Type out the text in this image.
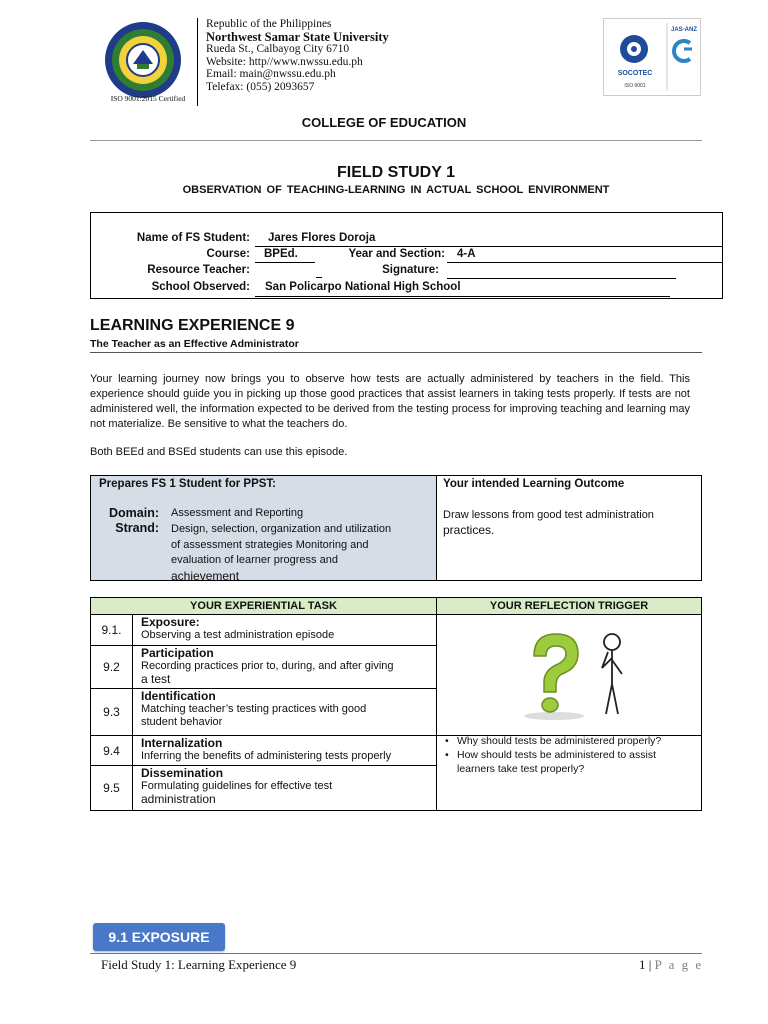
ISO 9001:2015 Certified
Republic of the Philippines
Northwest Samar State University
Rueda St., Calbayog City 6710
Website: http//www.nwssu.edu.ph
Email: main@nwssu.edu.ph
Telefax: (055) 2093657
SOCOTEC
ISO 9001
JAS-ANZ
COLLEGE OF EDUCATION
FIELD STUDY 1
OBSERVATION OF TEACHING-LEARNING IN ACTUAL SCHOOL ENVIRONMENT
Name of FS Student: Jares Flores Doroja
Course: BPEd.	Year and Section: 4-A
Resource Teacher:	Signature:
School Observed: San Policarpo National High School
LEARNING EXPERIENCE 9
The Teacher as an Effective Administrator
Your learning journey now brings you to observe how tests are actually administered by teachers in the field. This experience should guide you in picking up those good practices that assist learners in taking tests properly. If tests are not administered well, the information expected to be derived from the testing process for improving teaching and learning may not materialize. Be sensitive to what the teachers do.
Both BEEd and BSEd students can use this episode.
Prepares FS 1 Student for PPST:	Your intended Learning Outcome
Domain: Assessment and Reporting
Strand: Design, selection, organization and utilization
of assessment strategies Monitoring and
evaluation of learner progress and
achievement
Draw lessons from good test administration
practices.
YOUR EXPERIENTIAL TASK	YOUR REFLECTION TRIGGER
9.1.
Exposure:
Observing a test administration episode
9.2
Participation
Recording practices prior to, during, and after giving
a test
9.3
Identification
Matching teacher’s testing practices with good
student behavior
9.4
Internalization
Inferring the benefits of administering tests properly
9.5
Dissemination
Formulating guidelines for effective test
administration
• Why should tests be administered properly?
• How should tests be administered to assist
learners take test properly?
9.1 EXPOSURE
Field Study 1: Learning Experience 9	1 | P a g e
